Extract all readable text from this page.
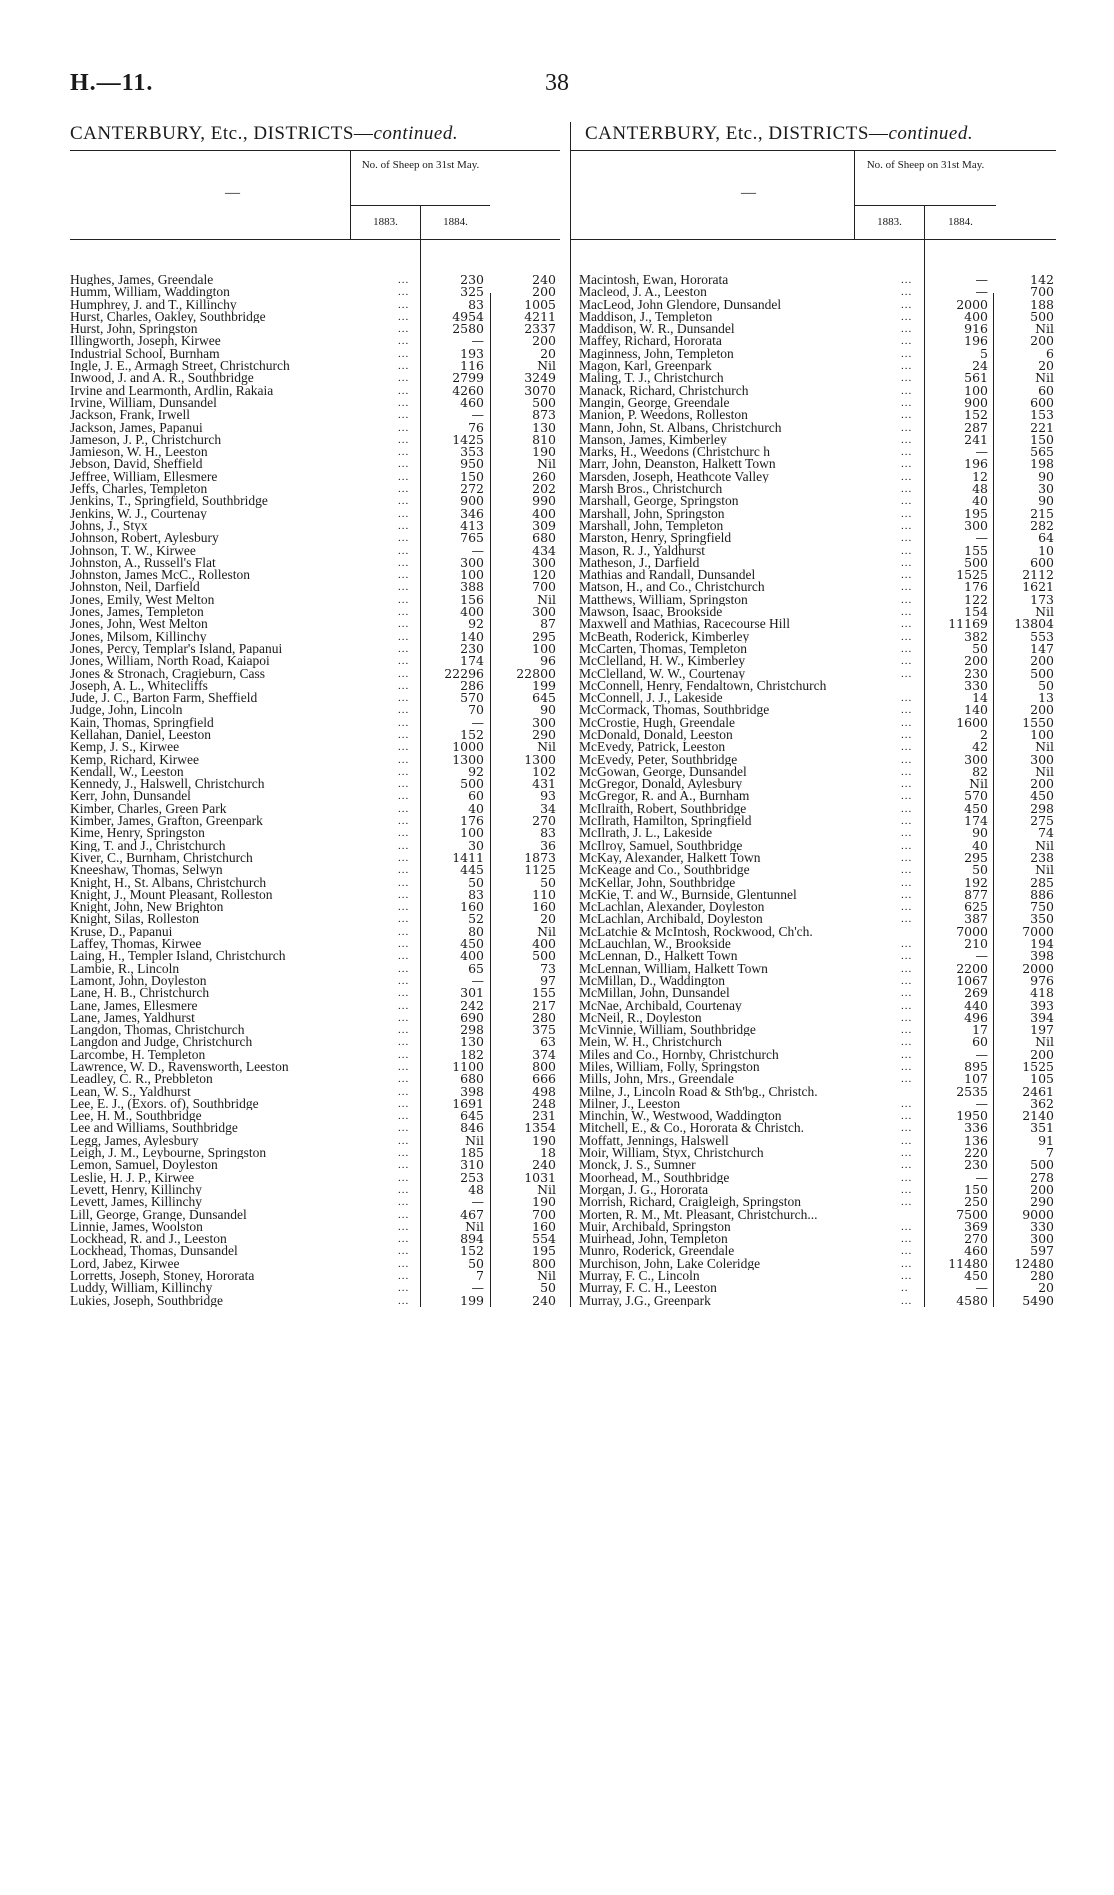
H.—11.	38
CANTERBURY, Etc., DISTRICTS—continued.
—
No. of Sheep on 31st May.
1883.	1884.
Hughes, James, Greendale	...	230	240
Humm, William, Waddington	...	325	200
Humphrey, J. and T., Killinchy	...	83	1005
Hurst, Charles, Oakley, Southbridge	...	4954	4211
Hurst, John, Springston	...	2580	2337
Illingworth, Joseph, Kirwee	...	—	200
Industrial School, Burnham	...	193	20
Ingle, J. E., Armagh Street, Christchurch	...	116	Nil
Inwood, J. and A. R., Southbridge	...	2799	3249
Irvine and Learmonth, Ardlin, Rakaia	...	4260	3070
Irvine, William, Dunsandel	...	460	500
Jackson, Frank, Irwell	...	—	873
Jackson, James, Papanui	...	76	130
Jameson, J. P., Christchurch	...	1425	810
Jamieson, W. H., Leeston	...	353	190
Jebson, David, Sheffield	...	950	Nil
Jeffree, William, Ellesmere	...	150	260
Jeffs, Charles, Templeton	...	272	202
Jenkins, T., Springfield, Southbridge	...	900	990
Jenkins, W. J., Courtenay	...	346	400
Johns, J., Styx	...	413	309
Johnson, Robert, Aylesbury	...	765	680
Johnson, T. W., Kirwee	...	—	434
Johnston, A., Russell's Flat	...	300	300
Johnston, James McC., Rolleston	...	100	120
Johnston, Neil, Darfield	...	388	700
Jones, Emily, West Melton	...	156	Nil
Jones, James, Templeton	...	400	300
Jones, John, West Melton	...	92	87
Jones, Milsom, Killinchy	...	140	295
Jones, Percy, Templar's Island, Papanui	...	230	100
Jones, William, North Road, Kaiapoi	...	174	96
Jones & Stronach, Cragieburn, Cass	...	22296	22800
Joseph, A. L., Whitecliffs	...	286	199
Jude, J. C., Barton Farm, Sheffield	...	570	645
Judge, John, Lincoln	...	70	90
Kain, Thomas, Springfield	...	—	300
Kellahan, Daniel, Leeston	...	152	290
Kemp, J. S., Kirwee	...	1000	Nil
Kemp, Richard, Kirwee	...	1300	1300
Kendall, W., Leeston	...	92	102
Kennedy, J., Halswell, Christchurch	...	500	431
Kerr, John, Dunsandel	...	60	93
Kimber, Charles, Green Park	...	40	34
Kimber, James, Grafton, Greenpark	...	176	270
Kime, Henry, Springston	...	100	83
King, T. and J., Christchurch	...	30	36
Kiver, C., Burnham, Christchurch	...	1411	1873
Kneeshaw, Thomas, Selwyn	...	445	1125
Knight, H., St. Albans, Christchurch	...	50	50
Knight, J., Mount Pleasant, Rolleston	...	83	110
Knight, John, New Brighton	...	160	160
Knight, Silas, Rolleston	...	52	20
Kruse, D., Papanui	...	80	Nil
Laffey, Thomas, Kirwee	...	450	400
Laing, H., Templer Island, Christchurch	...	400	500
Lambie, R., Lincoln	...	65	73
Lamont, John, Doyleston	...	—	97
Lane, H. B., Christchurch	...	301	155
Lane, James, Ellesmere	...	242	217
Lane, James, Yaldhurst	...	690	280
Langdon, Thomas, Christchurch	...	298	375
Langdon and Judge, Christchurch	...	130	63
Larcombe, H. Templeton	...	182	374
Lawrence, W. D., Ravensworth, Leeston	...	1100	800
Leadley, C. R., Prebbleton	...	680	666
Lean, W. S., Yaldhurst	...	398	498
Lee, E. J., (Exors. of), Southbridge	...	1691	248
Lee, H. M., Southbridge	...	645	231
Lee and Williams, Southbridge	...	846	1354
Legg, James, Aylesbury	...	Nil	190
Leigh, J. M., Leybourne, Springston	...	185	18
Lemon, Samuel, Doyleston	...	310	240
Leslie, H. J. P., Kirwee	...	253	1031
Levett, Henry, Killinchy	...	48	Nil
Levett, James, Killinchy	...	—	190
Lill, George, Grange, Dunsandel	...	467	700
Linnie, James, Woolston	...	Nil	160
Lockhead, R. and J., Leeston	...	894	554
Lockhead, Thomas, Dunsandel	...	152	195
Lord, Jabez, Kirwee	...	50	800
Lorretts, Joseph, Stoney, Hororata	...	7	Nil
Luddy, William, Killinchy	...	—	50
Lukies, Joseph, Southbridge	...	199	240
CANTERBURY, Etc., DISTRICTS—continued.
—
No. of Sheep on 31st May.
1883.	1884.
Macintosh, Ewan, Hororata	...	—	142
Macleod, J. A., Leeston	...	—	700
MacLeod, John Glendore, Dunsandel	...	2000	188
Maddison, J., Templeton	...	400	500
Maddison, W. R., Dunsandel	...	916	Nil
Maffey, Richard, Hororata	...	196	200
Maginness, John, Templeton	...	5	6
Magon, Karl, Greenpark	...	24	20
Maling, T. J., Christchurch	...	561	Nil
Manack, Richard, Christchurch	...	100	60
Mangin, George, Greendale	...	900	600
Manion, P. Weedons, Rolleston	...	152	153
Mann, John, St. Albans, Christchurch	...	287	221
Manson, James, Kimberley	...	241	150
Marks, H., Weedons (Christchurc h	...	—	565
Marr, John, Deanston, Halkett Town	...	196	198
Marsden, Joseph, Heathcote Valley	...	12	90
Marsh Bros., Christchurch	...	48	30
Marshall, George, Springston	...	40	90
Marshall, John, Springston	...	195	215
Marshall, John, Templeton	...	300	282
Marston, Henry, Springfield	...	—	64
Mason, R. J., Yaldhurst	...	155	10
Matheson, J., Darfield	...	500	600
Mathias and Randall, Dunsandel	...	1525	2112
Matson, H., and Co., Christchurch	...	176	1621
Matthews, William, Springston	...	122	173
Mawson, Isaac, Brookside	...	154	Nil
Maxwell and Mathias, Racecourse Hill	...	11169	13804
McBeath, Roderick, Kimberley	...	382	553
McCarten, Thomas, Templeton	...	50	147
McClelland, H. W., Kimberley	...	200	200
McClelland, W. W., Courtenay	...	230	500
McConnell, Henry, Fendaltown, Christchurch	330	50
McConnell, J. J., Lakeside	...	14	13
McCormack, Thomas, Southbridge	...	140	200
McCrostie, Hugh, Greendale	...	1600	1550
McDonald, Donald, Leeston	...	2	100
McEvedy, Patrick, Leeston	...	42	Nil
McEvedy, Peter, Southbridge	...	300	300
McGowan, George, Dunsandel	...	82	Nil
McGregor, Donald, Aylesbury	...	Nil	200
McGregor, R. and A., Burnham	...	570	450
McIlraith, Robert, Southbridge	...	450	298
McIlrath, Hamilton, Springfield	...	174	275
McIlrath, J. L., Lakeside	...	90	74
McIlroy, Samuel, Southbridge	...	40	Nil
McKay, Alexander, Halkett Town	...	295	238
McKeage and Co., Southbridge	...	50	Nil
McKellar, John, Southbridge	...	192	285
McKie, T. and W., Burnside, Glentunnel	...	877	886
McLachlan, Alexander, Doyleston	...	625	750
McLachlan, Archibald, Doyleston	...	387	350
McLatchie & McIntosh, Rockwood, Ch'ch.	7000	7000
McLauchlan, W., Brookside	...	210	194
McLennan, D., Halkett Town	...	—	398
McLennan, William, Halkett Town	...	2200	2000
McMillan, D., Waddington	...	1067	976
McMillan, John, Dunsandel	...	269	418
McNae, Archibald, Courtenay	...	440	393
McNeil, R., Doyleston	...	496	394
McVinnie, William, Southbridge	...	17	197
Mein, W. H., Christchurch	...	60	Nil
Miles and Co., Hornby, Christchurch	...	—	200
Miles, William, Folly, Springston	...	895	1525
Mills, John, Mrs., Greendale	...	107	105
Milne, J., Lincoln Road & Sth'bg., Christch.	2535	2461
Milner, J., Leeston	...	—	362
Minchin, W., Westwood, Waddington	...	1950	2140
Mitchell, E., & Co., Hororata & Christch.	...	336	351
Moffatt, Jennings, Halswell	...	136	91
Moir, William, Styx, Christchurch	...	220	7
Monck, J. S., Sumner	...	230	500
Moorhead, M., Southbridge	...	—	278
Morgan, J. G., Hororata	...	150	200
Morrish, Richard, Craigleigh, Springston	...	250	290
Morten, R. M., Mt. Pleasant, Christchurch...	7500	9000
Muir, Archibald, Springston	...	369	330
Muirhead, John, Templeton	...	270	300
Munro, Roderick, Greendale	...	460	597
Murchison, John, Lake Coleridge	...	11480	12480
Murray, F. C., Lincoln	...	450	280
Murray, F. C. H., Leeston	..	—	20
Murray, J.G., Greenpark	...	4580	5490
